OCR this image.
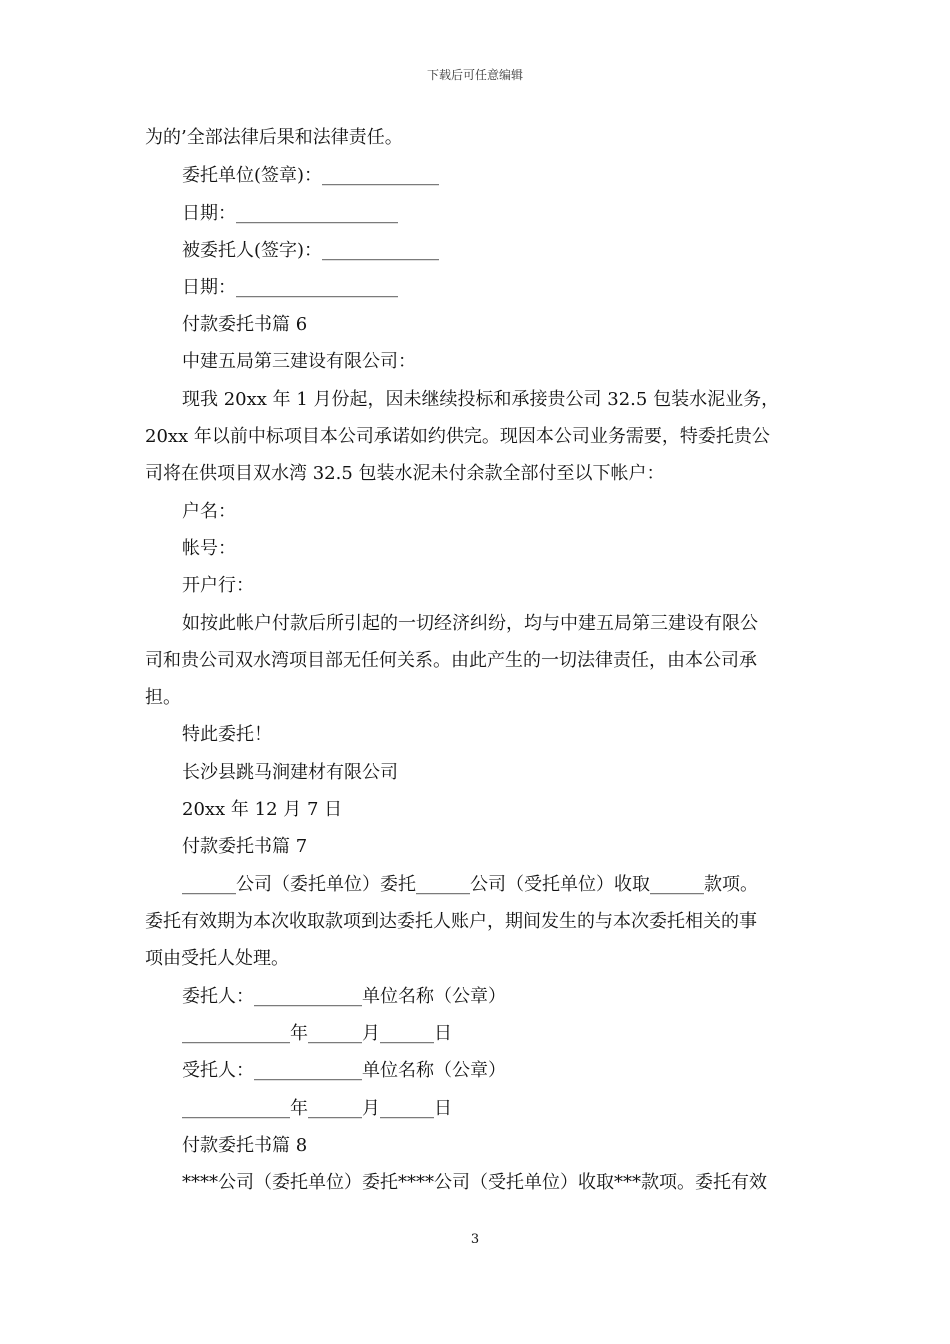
下载后可任意编辑
为的’全部法律后果和法律责任。
委托单位(签章)：_____________
日期：__________________
被委托人(签字)：_____________
日期：__________________
付款委托书篇 6
中建五局第三建设有限公司：
现我 20xx 年 1 月份起，因未继续投标和承接贵公司 32.5 包装水泥业务，
20xx 年以前中标项目本公司承诺如约供完。现因本公司业务需要，特委托贵公
司将在供项目双水湾 32.5 包装水泥未付余款全部付至以下帐户：
户名：
帐号：
开户行：
如按此帐户付款后所引起的一切经济纠纷，均与中建五局第三建设有限公
司和贵公司双水湾项目部无任何关系。由此产生的一切法律责任，由本公司承
担。
特此委托！
长沙县跳马涧建材有限公司
20xx 年 12 月 7 日
付款委托书篇 7
______公司（委托单位）委托______公司（受托单位）收取______款项。
委托有效期为本次收取款项到达委托人账户，期间发生的与本次委托相关的事
项由受托人处理。
委托人：____________单位名称（公章）
____________年______月______日
受托人：____________单位名称（公章）
____________年______月______日
付款委托书篇 8
****公司（委托单位）委托****公司（受托单位）收取***款项。委托有效
3
